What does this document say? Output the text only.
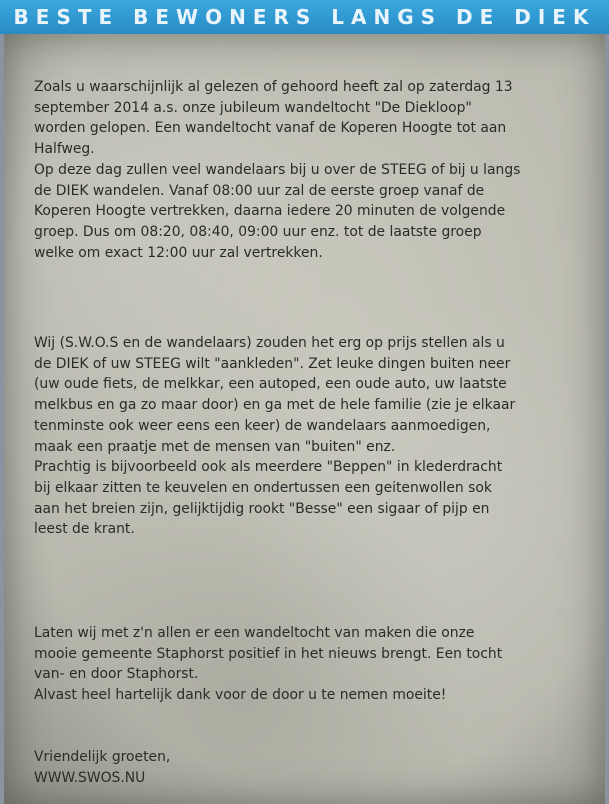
BESTE BEWONERS LANGS DE DIEK

Zoals u waarschijnlijk al gelezen of gehoord heeft zal op zaterdag 13
september 2014 a.s. onze jubileum wandeltocht "De Diekloop"
worden gelopen. Een wandeltocht vanaf de Koperen Hoogte tot aan
Halfweg.
Op deze dag zullen veel wandelaars bij u over de STEEG of bij u langs
de DIEK wandelen. Vanaf 08:00 uur zal de eerste groep vanaf de
Koperen Hoogte vertrekken, daarna iedere 20 minuten de volgende
groep. Dus om 08:20, 08:40, 09:00 uur enz. tot de laatste groep
welke om exact 12:00 uur zal vertrekken.

Wij (S.W.O.S en de wandelaars) zouden het erg op prijs stellen als u
de DIEK of uw STEEG wilt "aankleden". Zet leuke dingen buiten neer
(uw oude fiets, de melkkar, een autoped, een oude auto, uw laatste
melkbus en ga zo maar door) en ga met de hele familie (zie je elkaar
tenminste ook weer eens een keer) de wandelaars aanmoedigen,
maak een praatje met de mensen van "buiten" enz.
Prachtig is bijvoorbeeld ook als meerdere "Beppen" in klederdracht
bij elkaar zitten te keuvelen en ondertussen een geitenwollen sok
aan het breien zijn, gelijktijdig rookt "Besse" een sigaar of pijp en
leest de krant.

Laten wij met z'n allen er een wandeltocht van maken die onze
mooie gemeente Staphorst positief in het nieuws brengt. Een tocht
van- en door Staphorst.
Alvast heel hartelijk dank voor de door u te nemen moeite!

Vriendelijk groeten,
WWW.SWOS.NU
